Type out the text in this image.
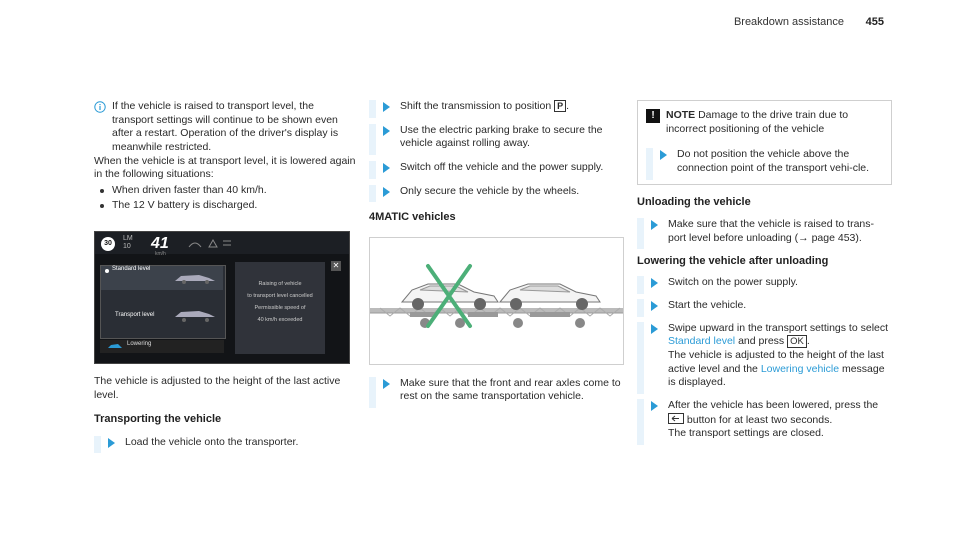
Breakdown assistance 455

If the vehicle is raised to transport level, the transport settings will continue to be shown even after a restart. Operation of the driver's display is meanwhile restricted.

When the vehicle is at transport level, it is lowered again in the following situations:

When driven faster than 40 km/h.
The 12 V battery is discharged.
30
LM
10 41
km/h
Standard level
Transport level
Lowering
Raising of vehicle
to transport level cancelled
Permissible speed of
40 km/h exceeded
✕

The vehicle is adjusted to the height of the last active level.

Transporting the vehicle

Load the vehicle onto the transporter.
Shift the transmission to position P .
Use the electric parking brake to secure the vehicle against rolling away.
Switch off the vehicle and the power supply.
Only secure the vehicle by the wheels.

4MATIC vehicles

Make sure that the front and rear axles come to rest on the same transportation vehicle.
!	NOTE Damage to the drive train due to incorrect positioning of the vehicle
Do not position the vehicle above the connection point of the transport vehi-cle.

Unloading the vehicle

Make sure that the vehicle is raised to trans-port level before unloading (→ page 453).

Lowering the vehicle after unloading

Switch on the power supply.
Start the vehicle.
Swipe upward in the transport settings to select Standard level and press OK .
The vehicle is adjusted to the height of the last active level and the Lowering vehicle message is displayed.
After the vehicle has been lowered, press the
button for at least two seconds.
The transport settings are closed.
